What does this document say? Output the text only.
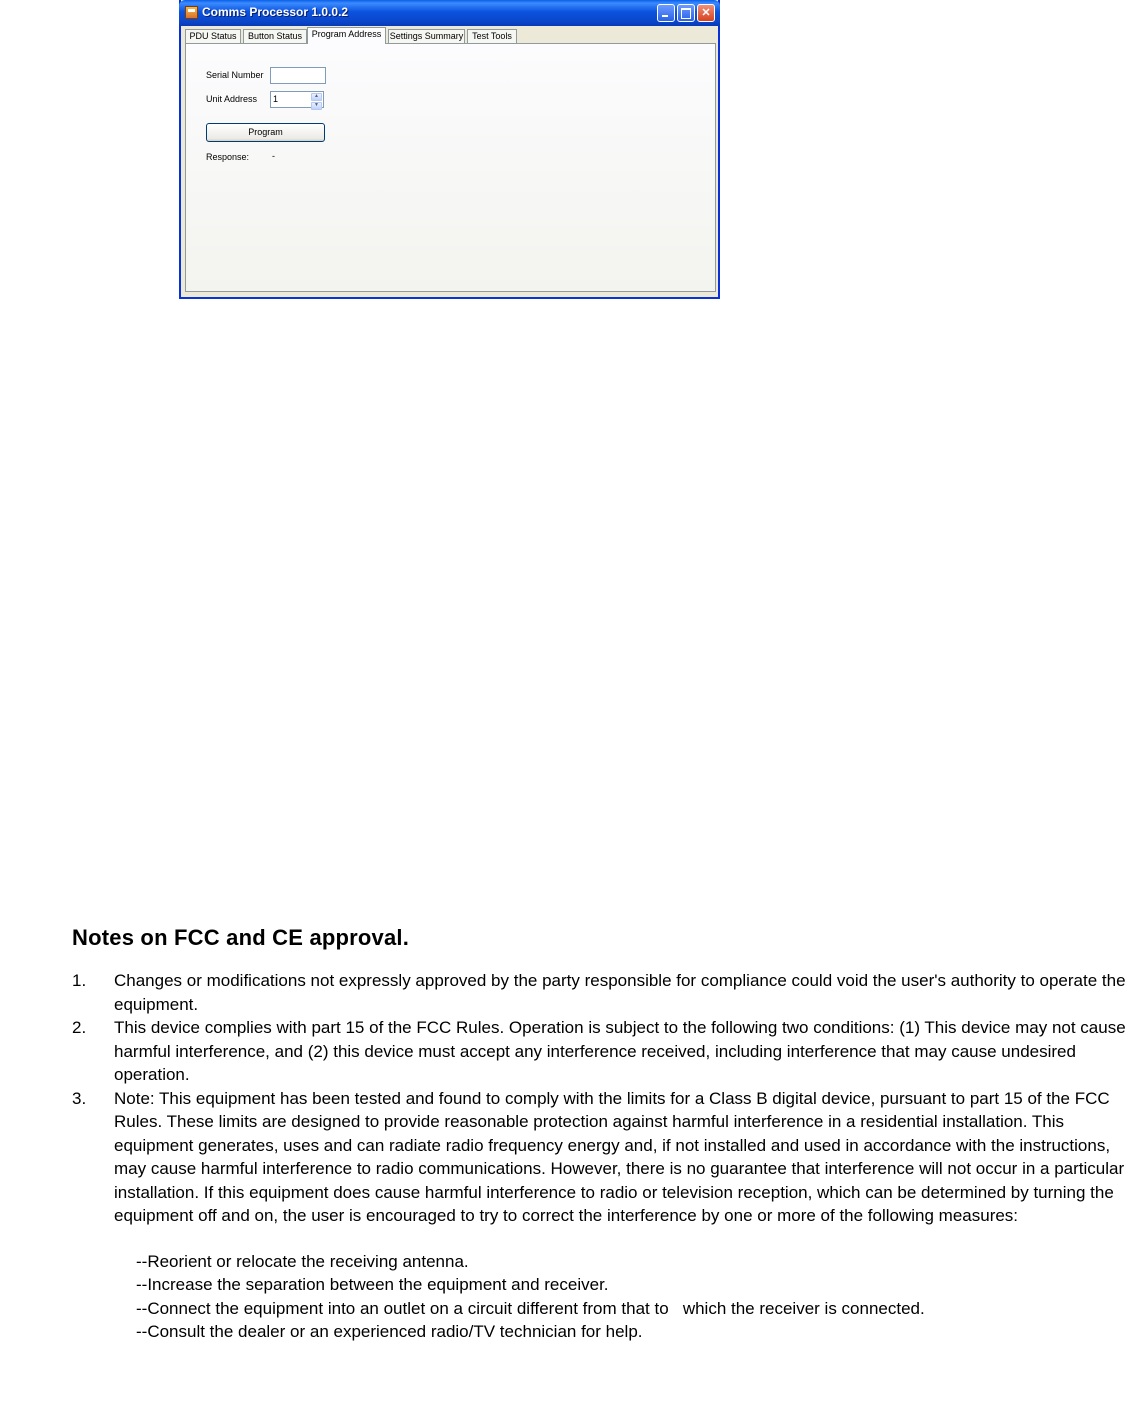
Comms Processor 1.0.0.2	✕
PDU Status	Button Status	Program Address Settings Summary Test Tools
Serial Number
Unit Address	1	▲
▼
Program
Response:	-
Notes on FCC and CE approval.
1. Changes or modifications not expressly approved by the party responsible for compliance could void the user's authority to operate the equipment.
2. This device complies with part 15 of the FCC Rules. Operation is subject to the following two conditions: (1) This device may not cause harmful interference, and (2) this device must accept any interference received, including interference that may cause undesired operation.
3. Note: This equipment has been tested and found to comply with the limits for a Class B digital device, pursuant to part 15 of the FCC Rules. These limits are designed to provide reasonable protection against harmful interference in a residential installation. This equipment generates, uses and can radiate radio frequency energy and, if not installed and used in accordance with the instructions, may cause harmful interference to radio communications. However, there is no guarantee that interference will not occur in a particular installation. If this equipment does cause harmful interference to radio or television reception, which can be determined by turning the equipment off and on, the user is encouraged to try to correct the interference by one or more of the following measures:
--Reorient or relocate the receiving antenna.
--Increase the separation between the equipment and receiver.
--Connect the equipment into an outlet on a circuit different from that to   which the receiver is connected.
--Consult the dealer or an experienced radio/TV technician for help.
